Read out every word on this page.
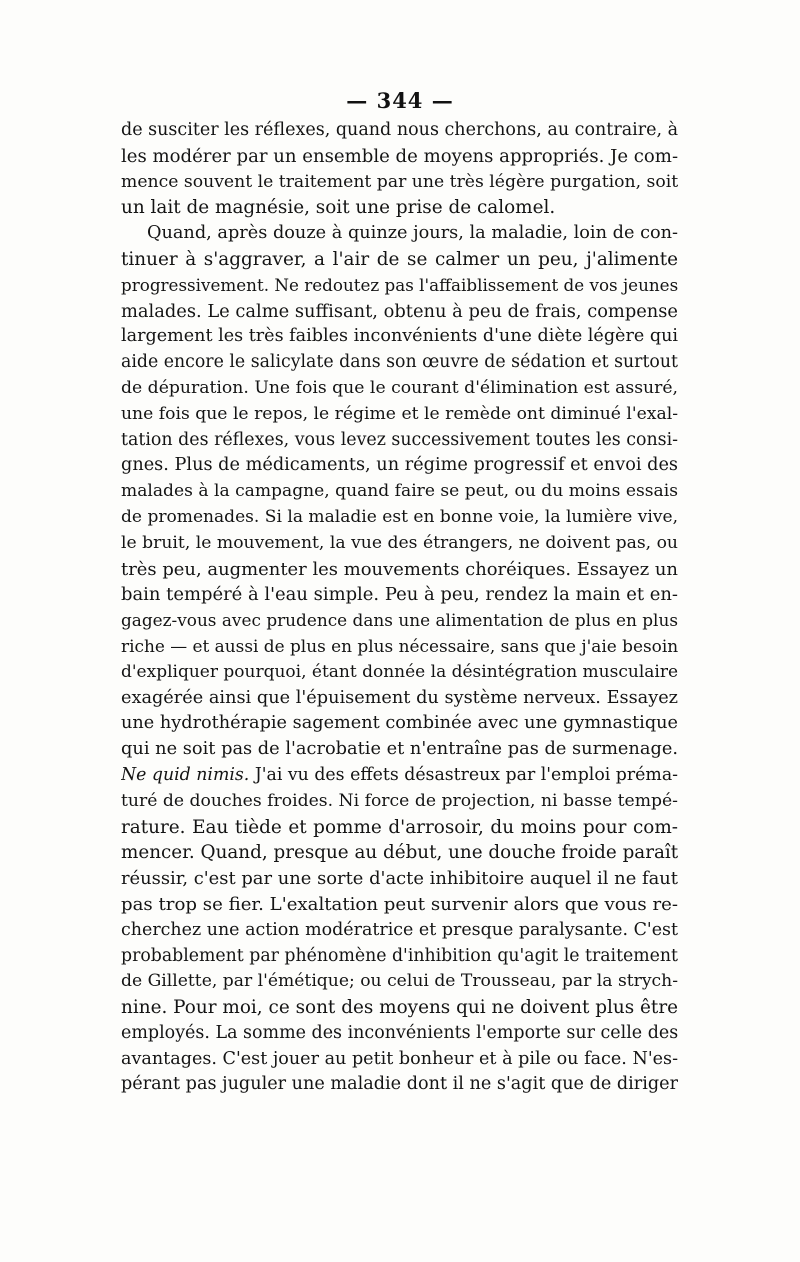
— 344 —
de susciter les réflexes, quand nous cherchons, au contraire, à
les modérer par un ensemble de moyens appropriés. Je com-
mence souvent le traitement par une très légère purgation, soit
un lait de magnésie, soit une prise de calomel.
Quand, après douze à quinze jours, la maladie, loin de con-
tinuer à s'aggraver, a l'air de se calmer un peu, j'alimente
progressivement. Ne redoutez pas l'affaiblissement de vos jeunes
malades. Le calme suffisant, obtenu à peu de frais, compense
largement les très faibles inconvénients d'une diète légère qui
aide encore le salicylate dans son œuvre de sédation et surtout
de dépuration. Une fois que le courant d'élimination est assuré,
une fois que le repos, le régime et le remède ont diminué l'exal-
tation des réflexes, vous levez successivement toutes les consi-
gnes. Plus de médicaments, un régime progressif et envoi des
malades à la campagne, quand faire se peut, ou du moins essais
de promenades. Si la maladie est en bonne voie, la lumière vive,
le bruit, le mouvement, la vue des étrangers, ne doivent pas, ou
très peu, augmenter les mouvements choréiques. Essayez un
bain tempéré à l'eau simple. Peu à peu, rendez la main et en-
gagez-vous avec prudence dans une alimentation de plus en plus
riche — et aussi de plus en plus nécessaire, sans que j'aie besoin
d'expliquer pourquoi, étant donnée la désintégration musculaire
exagérée ainsi que l'épuisement du système nerveux. Essayez
une hydrothérapie sagement combinée avec une gymnastique
qui ne soit pas de l'acrobatie et n'entraîne pas de surmenage.
Ne quid nimis. J'ai vu des effets désastreux par l'emploi préma-
turé de douches froides. Ni force de projection, ni basse tempé-
rature. Eau tiède et pomme d'arrosoir, du moins pour com-
mencer. Quand, presque au début, une douche froide paraît
réussir, c'est par une sorte d'acte inhibitoire auquel il ne faut
pas trop se fier. L'exaltation peut survenir alors que vous re-
cherchez une action modératrice et presque paralysante. C'est
probablement par phénomène d'inhibition qu'agit le traitement
de Gillette, par l'émétique; ou celui de Trousseau, par la strych-
nine. Pour moi, ce sont des moyens qui ne doivent plus être
employés. La somme des inconvénients l'emporte sur celle des
avantages. C'est jouer au petit bonheur et à pile ou face. N'es-
pérant pas juguler une maladie dont il ne s'agit que de diriger
